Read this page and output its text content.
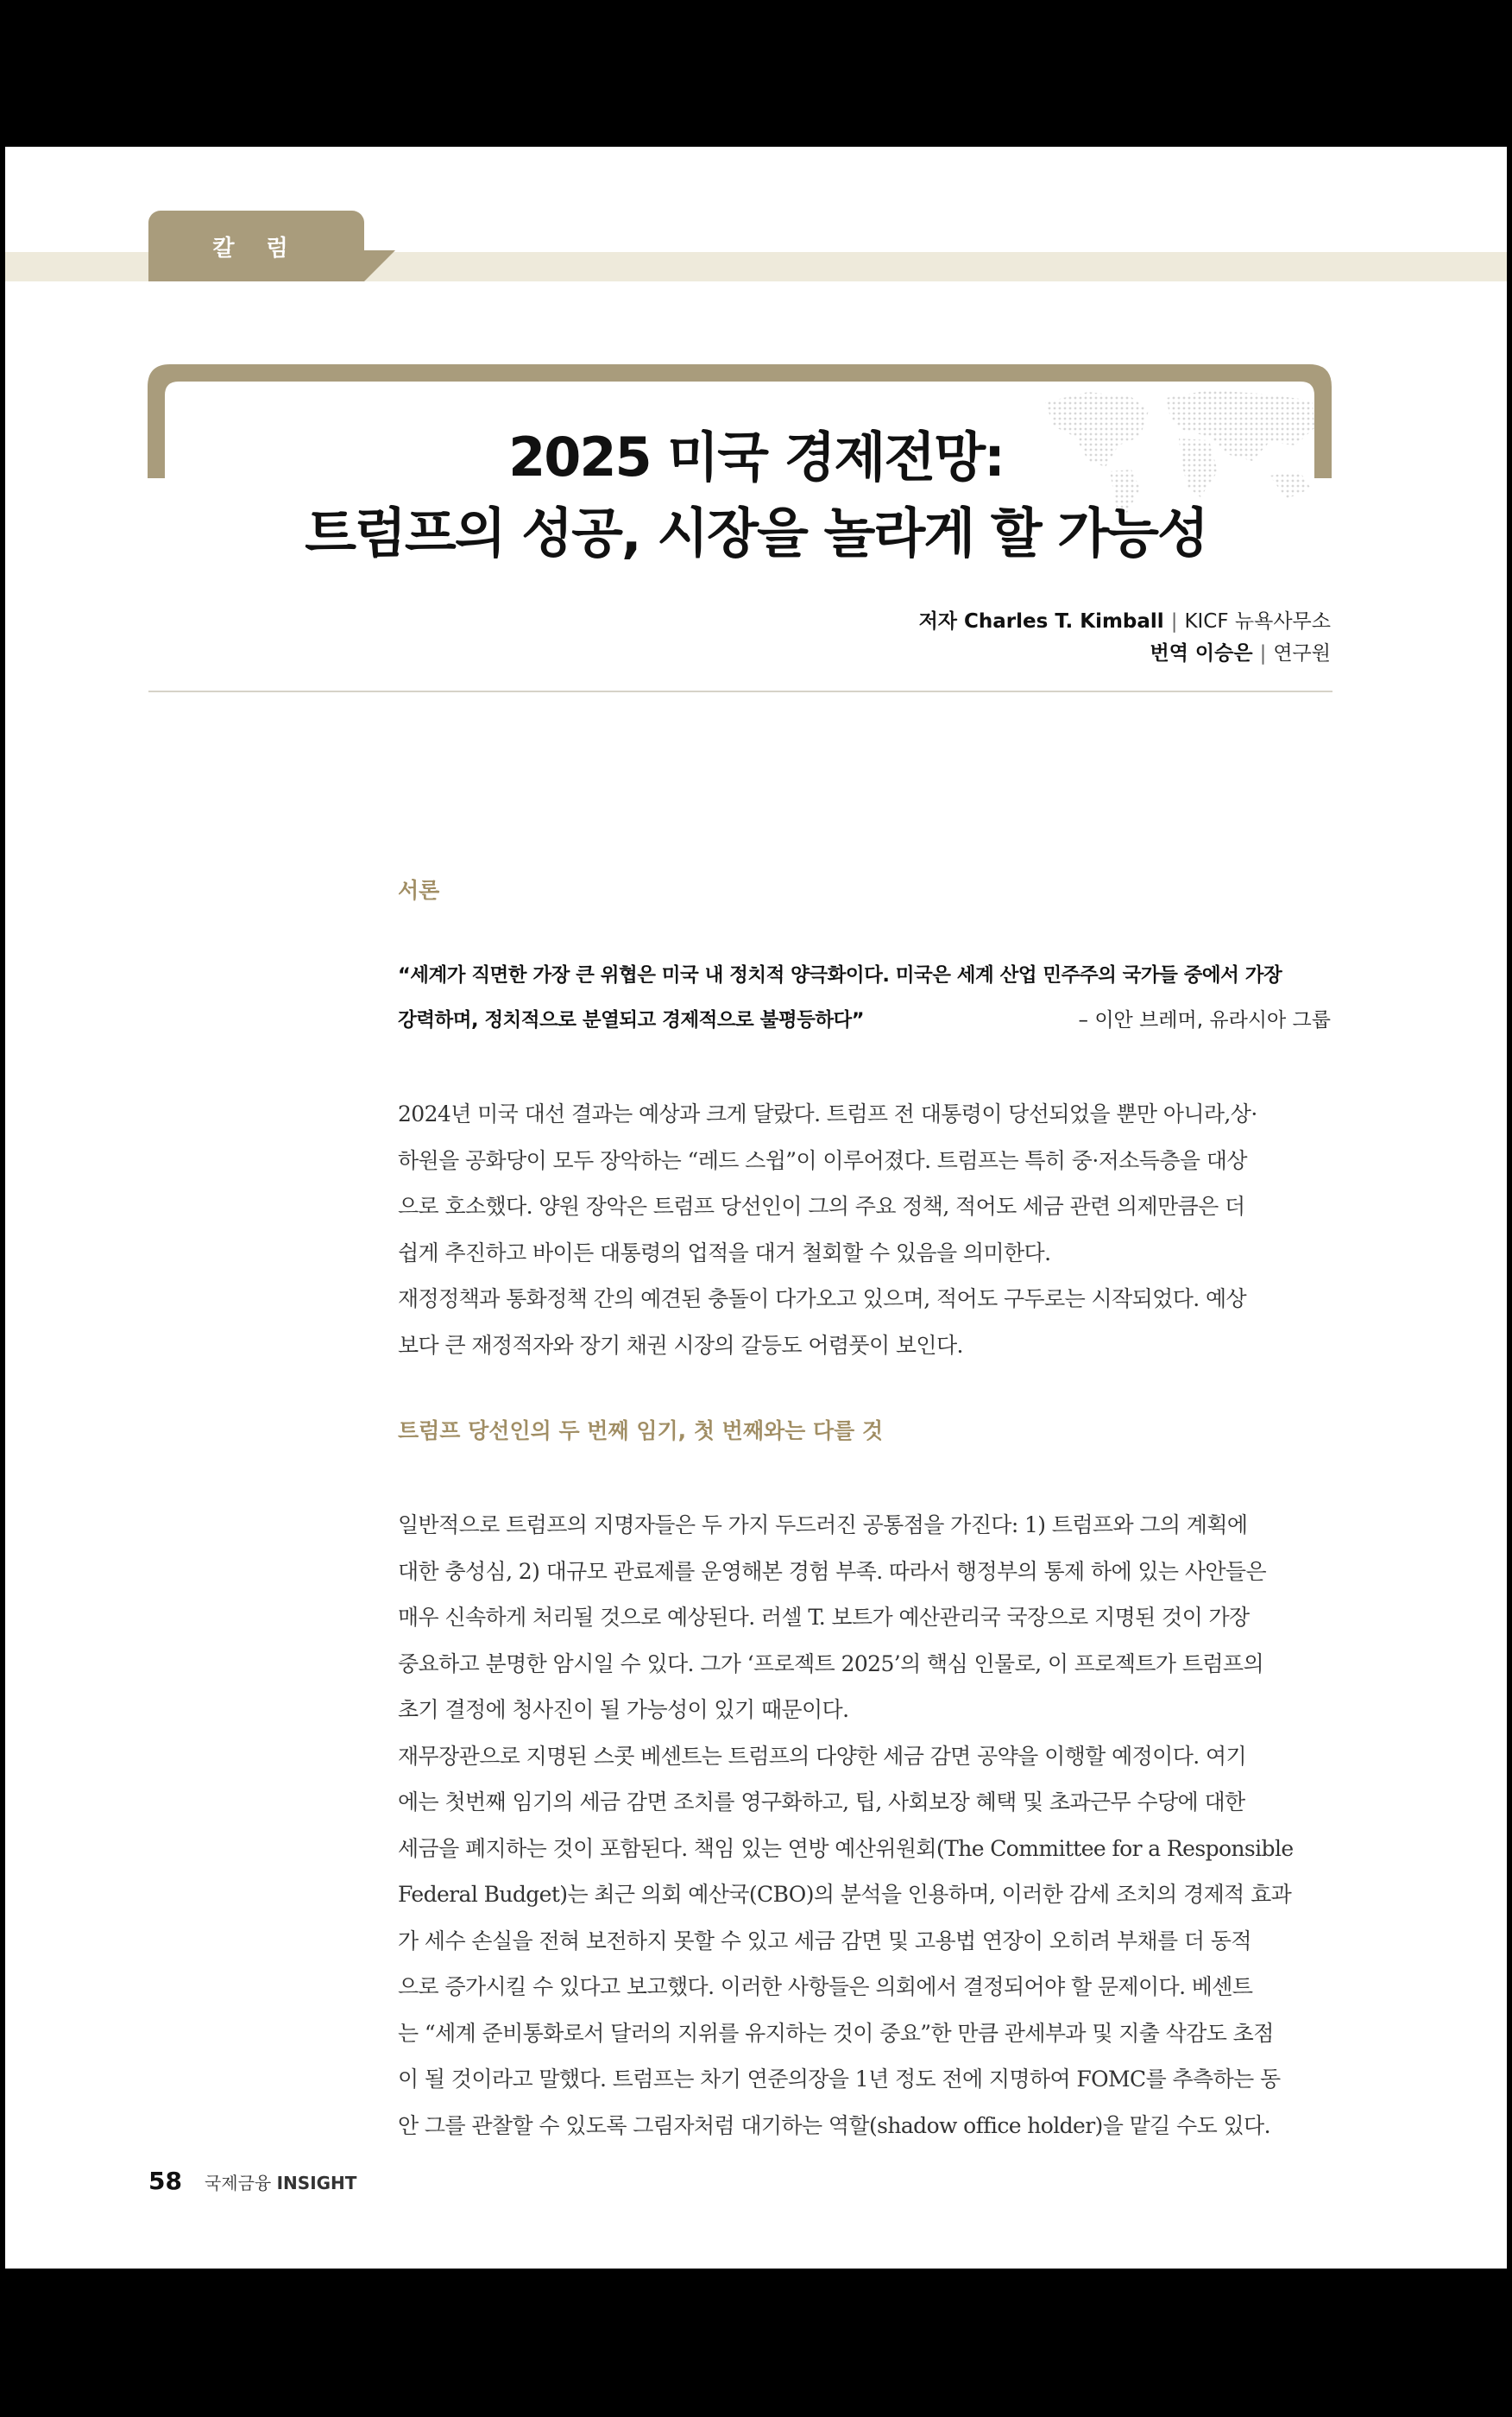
칼 럼
2025 미국 경제전망:
트럼프의 성공, 시장을 놀라게 할 가능성
저자 Charles T. Kimball | KICF 뉴욕사무소
번역 이승은 | 연구원
서론
“세계가 직면한 가장 큰 위협은 미국 내 정치적 양극화이다. 미국은 세계 산업 민주주의 국가들 중에서 가장
강력하며, 정치적으로 분열되고 경제적으로 불평등하다”	– 이안 브레머, 유라시아 그룹
2024년 미국 대선 결과는 예상과 크게 달랐다. 트럼프 전 대통령이 당선되었을 뿐만 아니라,상·
하원을 공화당이 모두 장악하는 “레드 스윕”이 이루어졌다. 트럼프는 특히 중·저소득층을 대상
으로 호소했다. 양원 장악은 트럼프 당선인이 그의 주요 정책, 적어도 세금 관련 의제만큼은 더
쉽게 추진하고 바이든 대통령의 업적을 대거 철회할 수 있음을 의미한다.
재정정책과 통화정책 간의 예견된 충돌이 다가오고 있으며, 적어도 구두로는 시작되었다. 예상
보다 큰 재정적자와 장기 채권 시장의 갈등도 어렴풋이 보인다.
트럼프 당선인의 두 번째 임기, 첫 번째와는 다를 것
일반적으로 트럼프의 지명자들은 두 가지 두드러진 공통점을 가진다: 1) 트럼프와 그의 계획에
대한 충성심, 2) 대규모 관료제를 운영해본 경험 부족. 따라서 행정부의 통제 하에 있는 사안들은
매우 신속하게 처리될 것으로 예상된다. 러셀 T. 보트가 예산관리국 국장으로 지명된 것이 가장
중요하고 분명한 암시일 수 있다. 그가 ‘프로젝트 2025’의 핵심 인물로, 이 프로젝트가 트럼프의
초기 결정에 청사진이 될 가능성이 있기 때문이다.
재무장관으로 지명된 스콧 베센트는 트럼프의 다양한 세금 감면 공약을 이행할 예정이다. 여기
에는 첫번째 임기의 세금 감면 조치를 영구화하고, 팁, 사회보장 혜택 및 초과근무 수당에 대한
세금을 폐지하는 것이 포함된다. 책임 있는 연방 예산위원회(The Committee for a Responsible
Federal Budget)는 최근 의회 예산국(CBO)의 분석을 인용하며, 이러한 감세 조치의 경제적 효과
가 세수 손실을 전혀 보전하지 못할 수 있고 세금 감면 및 고용법 연장이 오히려 부채를 더 동적
으로 증가시킬 수 있다고 보고했다. 이러한 사항들은 의회에서 결정되어야 할 문제이다. 베센트
는 “세계 준비통화로서 달러의 지위를 유지하는 것이 중요”한 만큼 관세부과 및 지출 삭감도 초점
이 될 것이라고 말했다. 트럼프는 차기 연준의장을 1년 정도 전에 지명하여 FOMC를 추측하는 동
안 그를 관찰할 수 있도록 그림자처럼 대기하는 역할(shadow office holder)을 맡길 수도 있다.
58 국제금융 INSIGHT
